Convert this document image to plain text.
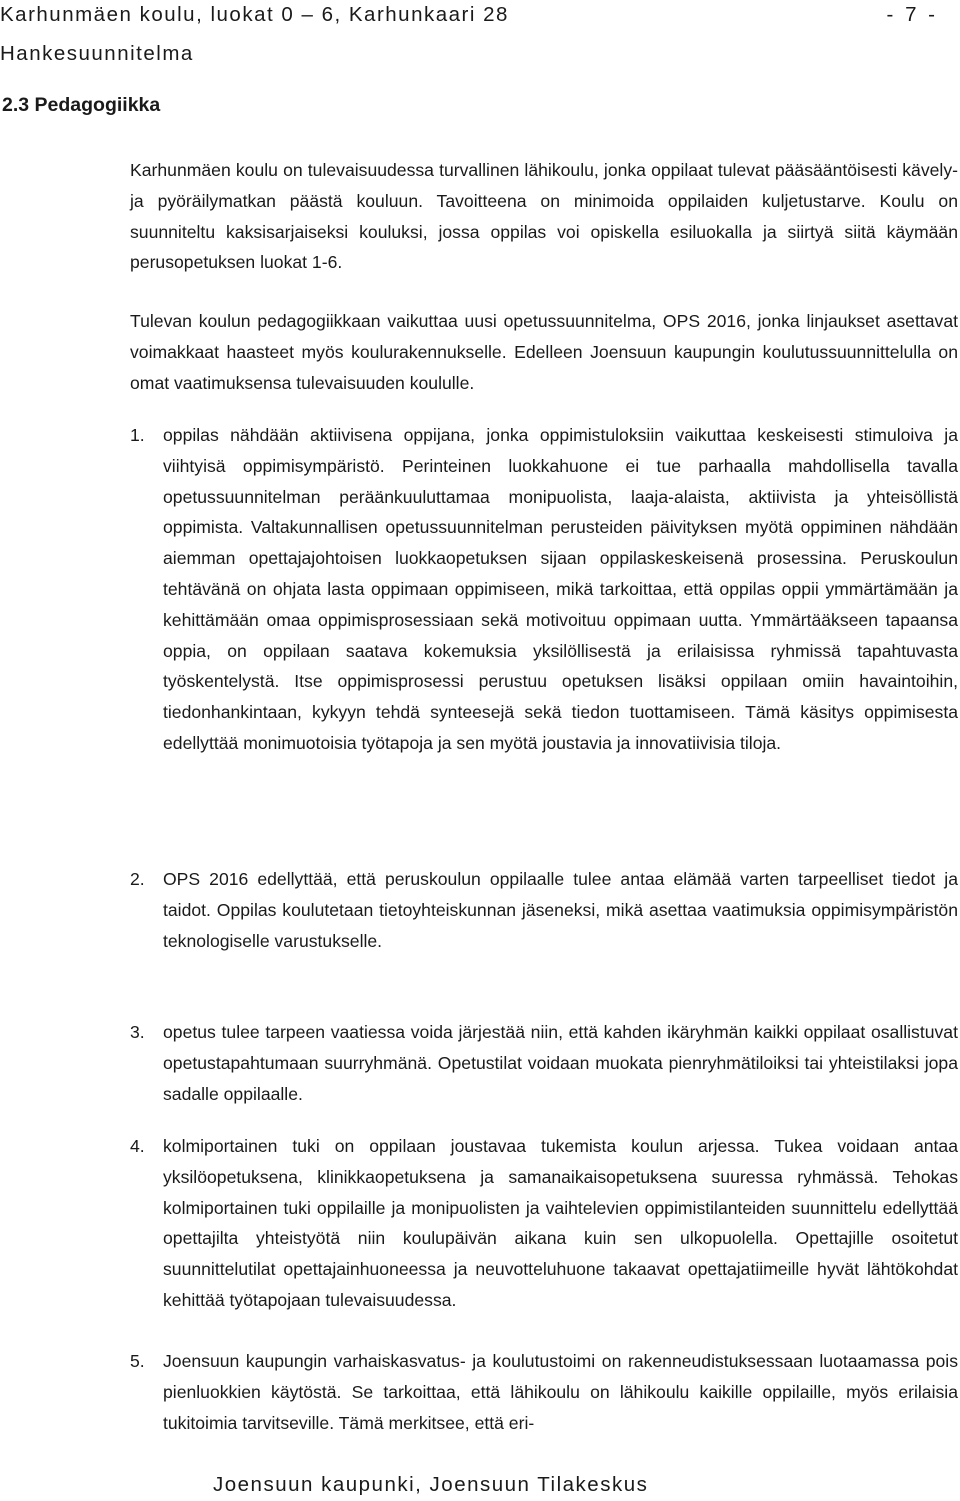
Karhunmäen koulu, luokat 0 – 6, Karhunkaari 28
Hankesuunnitelma
- 7 -
2.3 Pedagogiikka

Karhunmäen koulu on tulevaisuudessa turvallinen lähikoulu, jonka oppilaat tulevat pääsääntöisesti kävely- ja pyöräilymatkan päästä kouluun. Tavoitteena on minimoida oppilaiden kuljetustarve. Koulu on suunniteltu kaksisarjaiseksi kouluksi, jossa oppilas voi opiskella esiluokalla ja siirtyä siitä käymään perusopetuksen luokat 1-6.

Tulevan koulun pedagogiikkaan vaikuttaa uusi opetussuunnitelma, OPS 2016, jonka linjaukset asettavat voimakkaat haasteet myös koulurakennukselle. Edelleen Joensuun kaupungin koulutussuunnittelulla on omat vaatimuksensa tulevaisuuden koululle.

1.	oppilas nähdään aktiivisena oppijana, jonka oppimistuloksiin vaikuttaa keskeisesti stimuloiva ja viihtyisä oppimisympäristö. Perinteinen luokkahuone ei tue parhaalla mahdollisella tavalla opetussuunnitelman peräänkuuluttamaa monipuolista, laaja-alaista, aktiivista ja yhteisöllistä oppimista. Valtakunnallisen opetussuunnitelman perusteiden päivityksen myötä oppiminen nähdään aiemman opettajajohtoisen luokkaopetuksen sijaan oppilaskeskeisenä prosessina. Peruskoulun tehtävänä on ohjata lasta oppimaan oppimiseen, mikä tarkoittaa, että oppilas oppii ymmärtämään ja kehittämään omaa oppimisprosessiaan sekä motivoituu oppimaan uutta. Ymmärtääkseen tapaansa oppia, on oppilaan saatava kokemuksia yksilöllisestä ja erilaisissa ryhmissä tapahtuvasta työskentelystä. Itse oppimisprosessi perustuu opetuksen lisäksi oppilaan omiin havaintoihin, tiedonhankintaan, kykyyn tehdä synteesejä sekä tiedon tuottamiseen. Tämä käsitys oppimisesta edellyttää monimuotoisia työtapoja ja sen myötä joustavia ja innovatiivisia tiloja.

2.	OPS 2016 edellyttää, että peruskoulun oppilaalle tulee antaa elämää varten tarpeelliset tiedot ja taidot. Oppilas koulutetaan tietoyhteiskunnan jäseneksi, mikä asettaa vaatimuksia oppimisympäristön teknologiselle varustukselle.

3.	opetus tulee tarpeen vaatiessa voida järjestää niin, että kahden ikäryhmän kaikki oppilaat osallistuvat opetustapahtumaan suurryhmänä. Opetustilat voidaan muokata pienryhmätiloiksi tai yhteistilaksi jopa sadalle oppilaalle.

4.	kolmiportainen tuki on oppilaan joustavaa tukemista koulun arjessa. Tukea voidaan antaa yksilöopetuksena, klinikkaopetuksena ja samanaikaisopetuksena suuressa ryhmässä. Tehokas kolmiportainen tuki oppilaille ja monipuolisten ja vaihtelevien oppimistilanteiden suunnittelu edellyttää opettajilta yhteistyötä niin koulupäivän aikana kuin sen ulkopuolella. Opettajille osoitetut suunnittelutilat opettajainhuoneessa ja neuvotteluhuone takaavat opettajatiimeille hyvät lähtökohdat kehittää työtapojaan tulevaisuudessa.

5.	Joensuun kaupungin varhaiskasvatus- ja koulutustoimi on rakenneudistuksessaan luotaamassa pois pienluokkien käytöstä. Se tarkoittaa, että lähikoulu on lähikoulu kaikille oppilaille, myös erilaisia tukitoimia tarvitseville. Tämä merkitsee, että eri-

Joensuun kaupunki, Joensuun Tilakeskus
